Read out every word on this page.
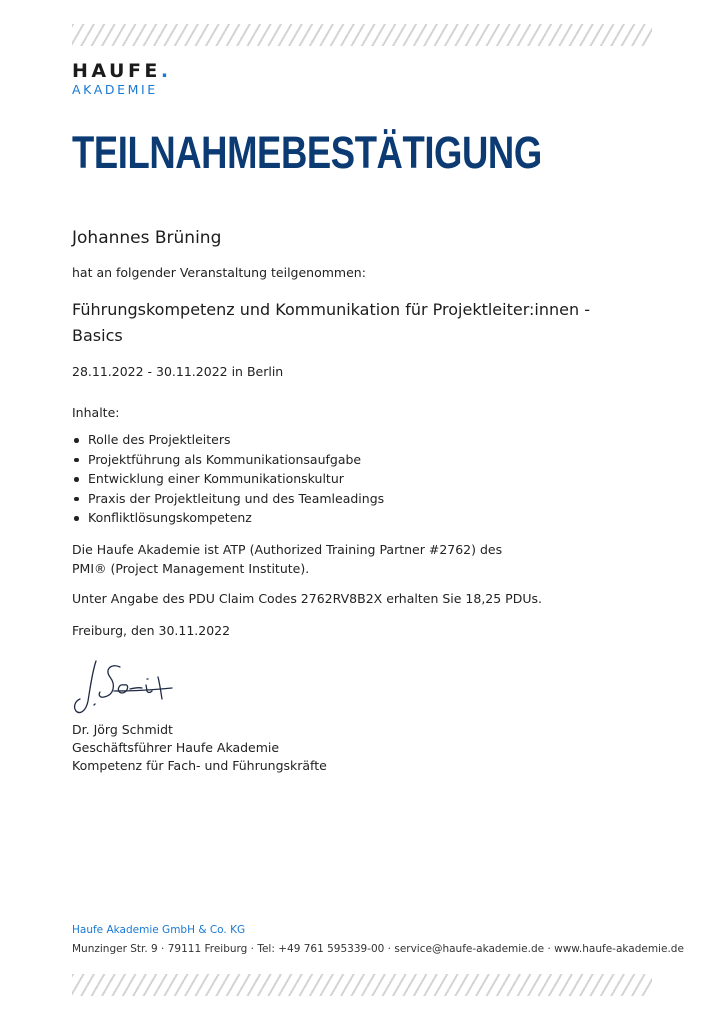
HAUFE.
AKADEMIE
TEILNAHMEBESTÄTIGUNG
Johannes Brüning
hat an folgender Veranstaltung teilgenommen:
Führungskompetenz und Kommunikation für Projektleiter:innen -
Basics
28.11.2022 - 30.11.2022 in Berlin
Inhalte:
Rolle des Projektleiters
Projektführung als Kommunikationsaufgabe
Entwicklung einer Kommunikationskultur
Praxis der Projektleitung und des Teamleadings
Konfliktlösungskompetenz
Die Haufe Akademie ist ATP (Authorized Training Partner #2762) des
PMI® (Project Management Institute).
Unter Angabe des PDU Claim Codes 2762RV8B2X erhalten Sie 18,25 PDUs.
Freiburg, den 30.11.2022
Dr. Jörg Schmidt
Geschäftsführer Haufe Akademie
Kompetenz für Fach- und Führungskräfte
Haufe Akademie GmbH & Co. KG
Munzinger Str. 9 · 79111 Freiburg · Tel: +49 761 595339-00 · service@haufe-akademie.de · www.haufe-akademie.de
